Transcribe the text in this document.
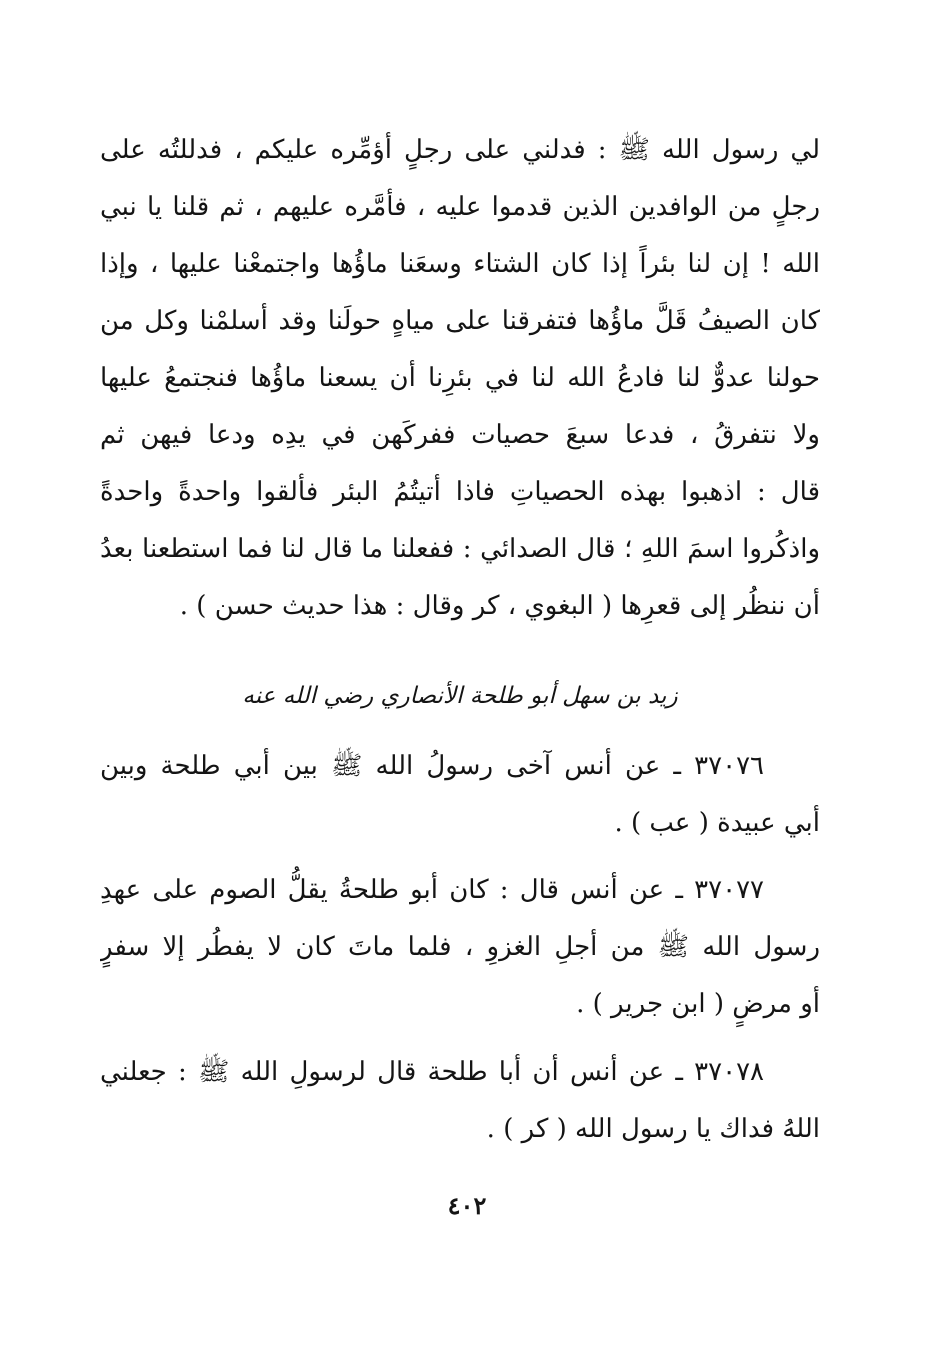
لي رسول الله ﷺ : فدلني على رجلٍ أؤمِّره عليكم ، فدللتُه على
رجلٍ من الوافدين الذين قدموا عليه ، فأمَّره عليهم ، ثم قلنا يا نبي
الله ! إن لنا بئراً إذا كان الشتاء وسعَنا ماؤُها واجتمعْنا عليها ، وإذا
كان الصيفُ قَلَّ ماؤُها فتفرقنا على مياهٍ حولَنا وقد أسلمْنا وكل من
حولنا عدوٌّ لنا فادعُ الله لنا في بئرِنا أن يسعنا ماؤُها فنجتمعُ عليها
ولا نتفرقُ ، فدعا سبعَ حصيات ففركَهن في يدِه ودعا فيهن ثم
قال : اذهبوا بهذه الحصياتِ فاذا أتيتُمُ البئر فألقوا واحدةً واحدةً
واذكُروا اسمَ اللهِ ؛ قال الصدائي : ففعلنا ما قال لنا فما استطعنا بعدُ
أن ننظُر إلى قعرِها ( البغوي ، كر وقال : هذا حديث حسن ) .
زيد بن سهل أبو طلحة الأنصاري رضي الله عنه
٣٧٠٧٦ ـ عن أنس آخى رسولُ الله ﷺ بين أبي طلحة وبين
أبي عبيدة ( عب ) .
٣٧٠٧٧ ـ عن أنس قال : كان أبو طلحةُ يقلُّ الصوم على عهدِ
رسول الله ﷺ من أجلِ الغزوِ ، فلما ماتَ كان لا يفطُر إلا سفرٍ
أو مرضٍ ( ابن جرير ) .
٣٧٠٧٨ ـ عن أنس أن أبا طلحة قال لرسولِ الله ﷺ : جعلني
اللهُ فداك يا رسول الله ( كر ) .
٤٠٢
